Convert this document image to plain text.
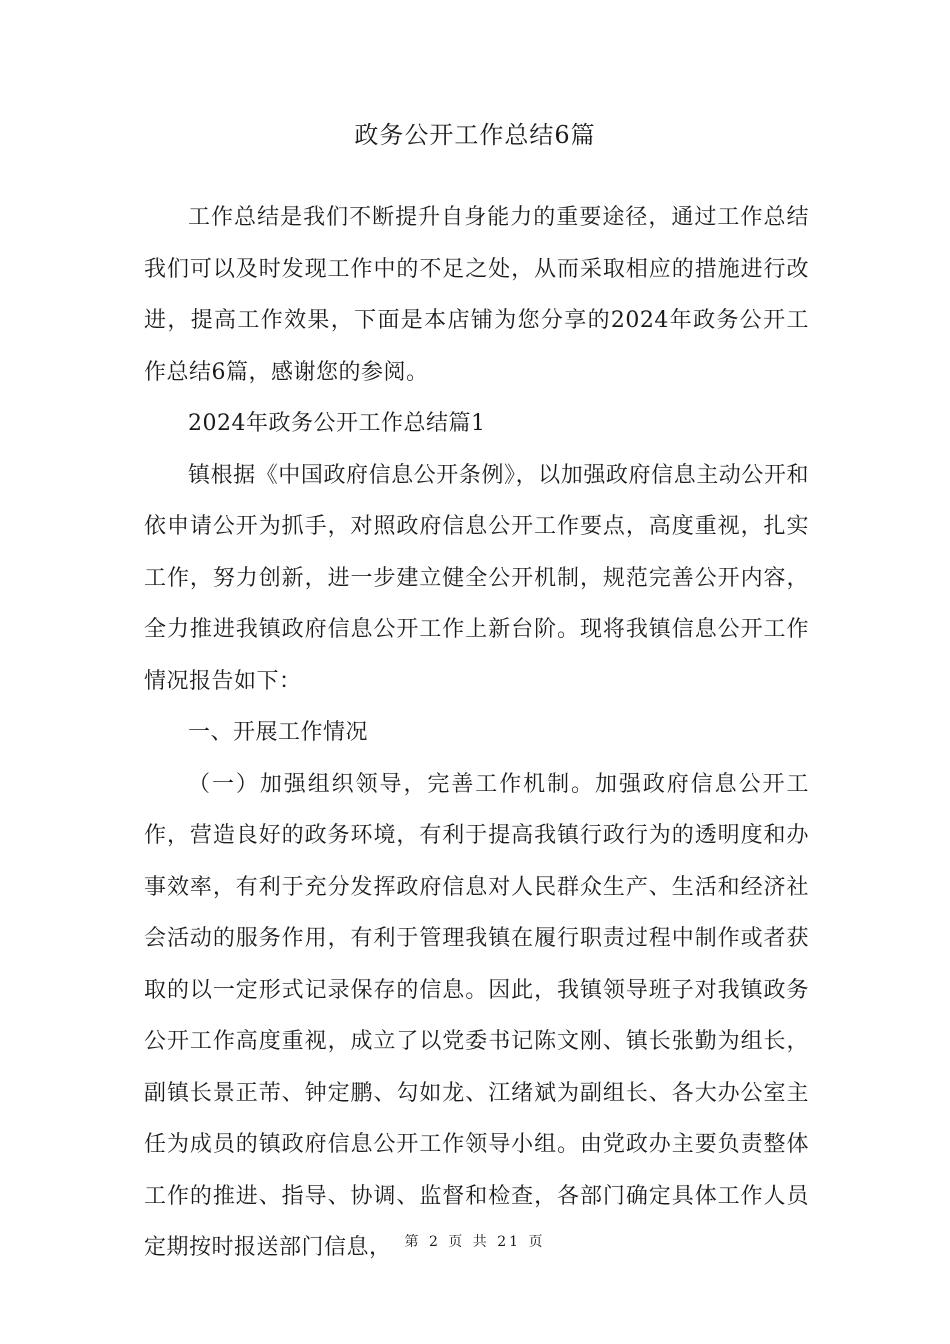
政务公开工作总结6篇

工作总结是我们不断提升自身能力的重要途径，通过工作总结我们可以及时发现工作中的不足之处，从而采取相应的措施进行改进，提高工作效果，下面是本店铺为您分享的2024年政务公开工作总结6篇，感谢您的参阅。

2024年政务公开工作总结篇1

镇根据《中国政府信息公开条例》，以加强政府信息主动公开和依申请公开为抓手，对照政府信息公开工作要点，高度重视，扎实工作，努力创新，进一步建立健全公开机制，规范完善公开内容，全力推进我镇政府信息公开工作上新台阶。现将我镇信息公开工作情况报告如下：

一、开展工作情况

（一）加强组织领导，完善工作机制。加强政府信息公开工作，营造良好的政务环境，有利于提高我镇行政行为的透明度和办事效率，有利于充分发挥政府信息对人民群众生产、生活和经济社会活动的服务作用，有利于管理我镇在履行职责过程中制作或者获取的以一定形式记录保存的信息。因此，我镇领导班子对我镇政务公开工作高度重视，成立了以党委书记陈文刚、镇长张勤为组长，副镇长景正芾、钟定鹏、勾如龙、江绪斌为副组长、各大办公室主任为成员的镇政府信息公开工作领导小组。由党政办主要负责整体工作的推进、指导、协调、监督和检查，各部门确定具体工作人员定期按时报送部门信息， 第 2 页 共 21 页
